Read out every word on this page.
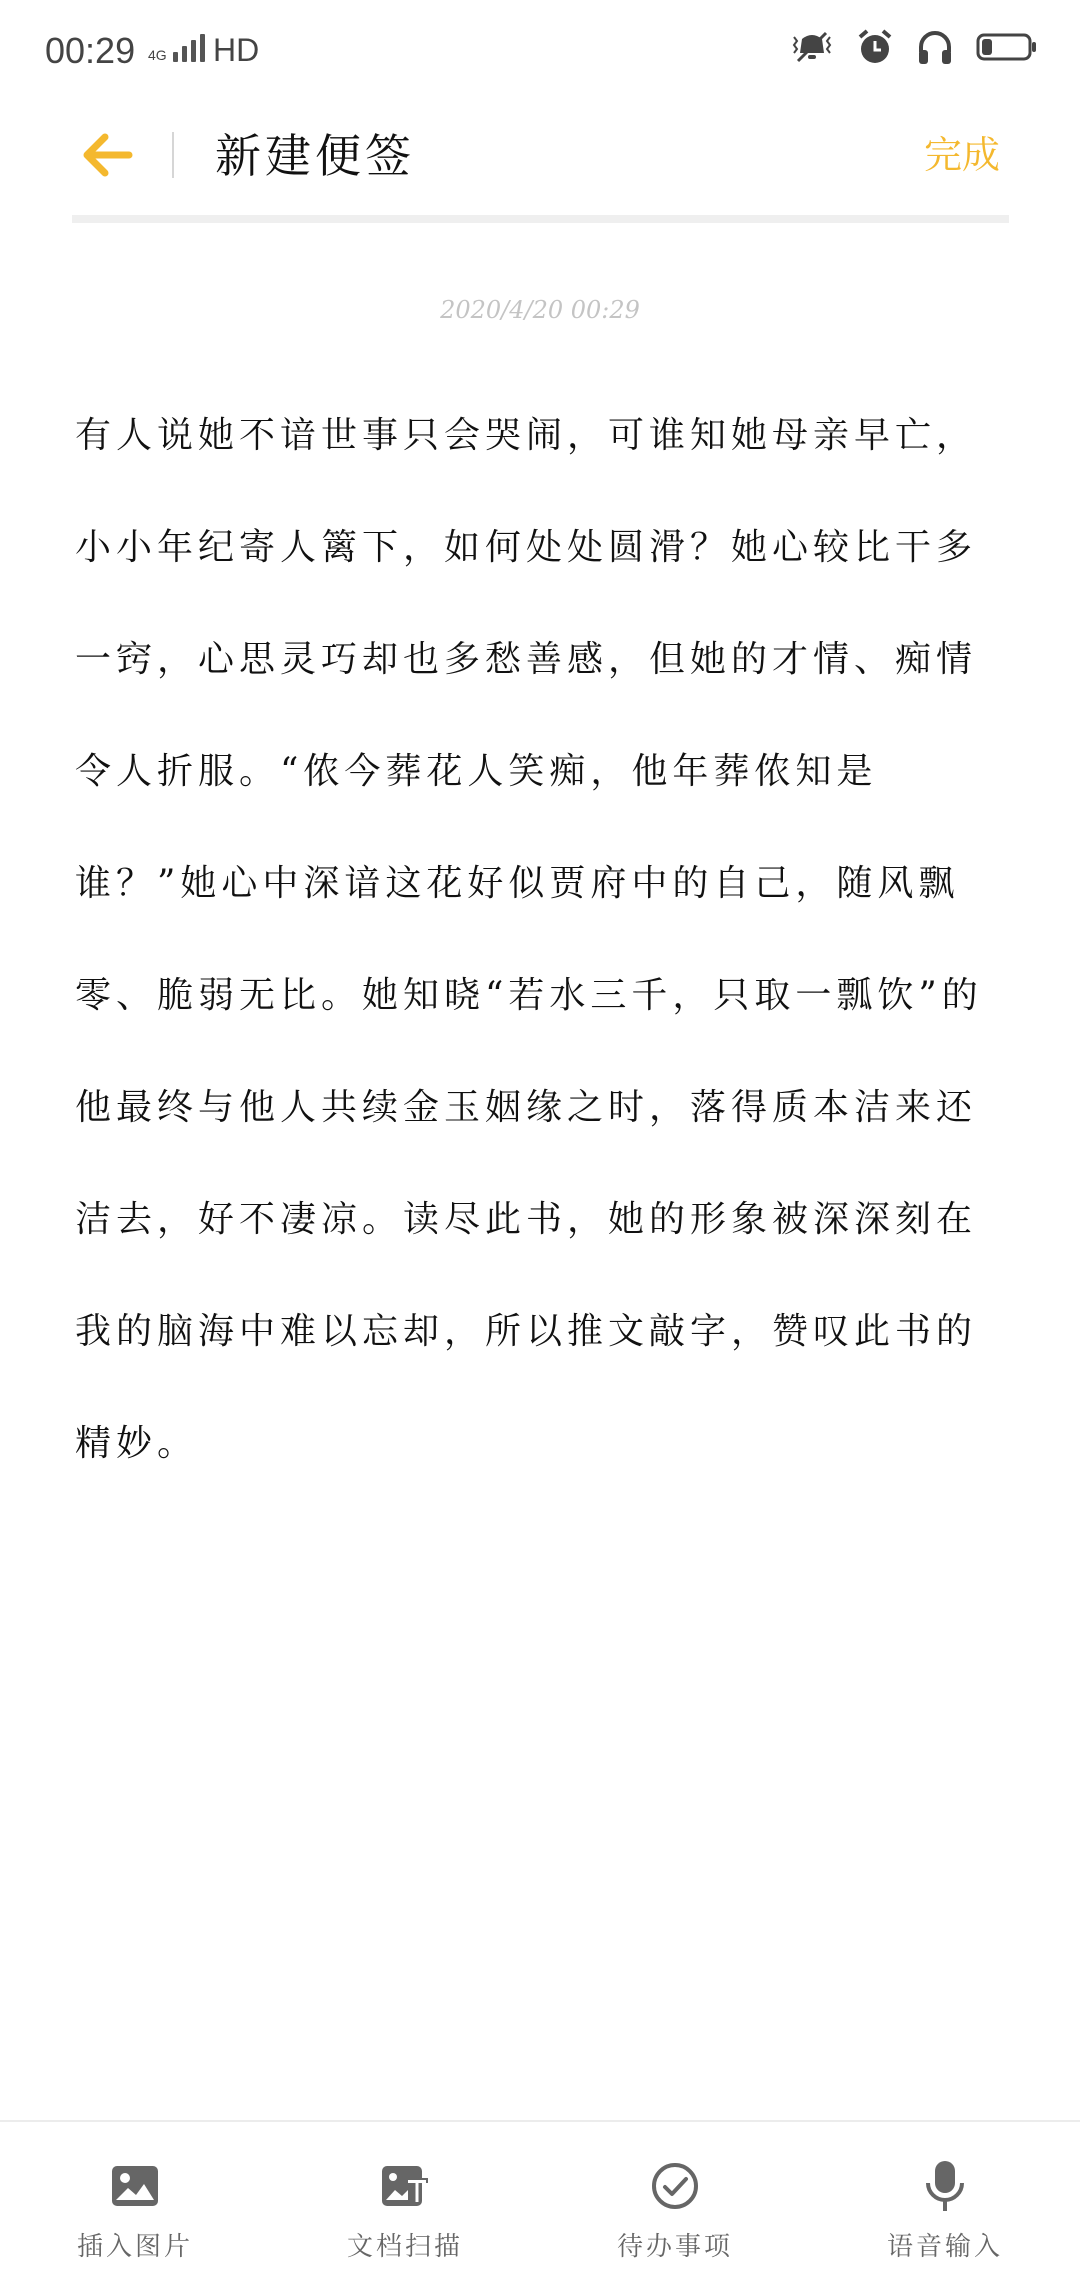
00:29 4G HD
新建便签	完成
2020/4/20 00:29
有人说她不谙世事只会哭闹，可谁知她母亲早亡，小小年纪寄人篱下，如何处处圆滑？她心较比干多一窍，心思灵巧却也多愁善感，但她的才情、痴情令人折服。“侬今葬花人笑痴，他年葬侬知是谁？”她心中深谙这花好似贾府中的自己，随风飘零、脆弱无比。她知晓“若水三千，只取一瓢饮”的他最终与他人共续金玉姻缘之时，落得质本洁来还洁去，好不凄凉。读尽此书，她的形象被深深刻在我的脑海中难以忘却，所以推文敲字，赞叹此书的精妙。
插入图片	文档扫描	待办事项	语音输入
